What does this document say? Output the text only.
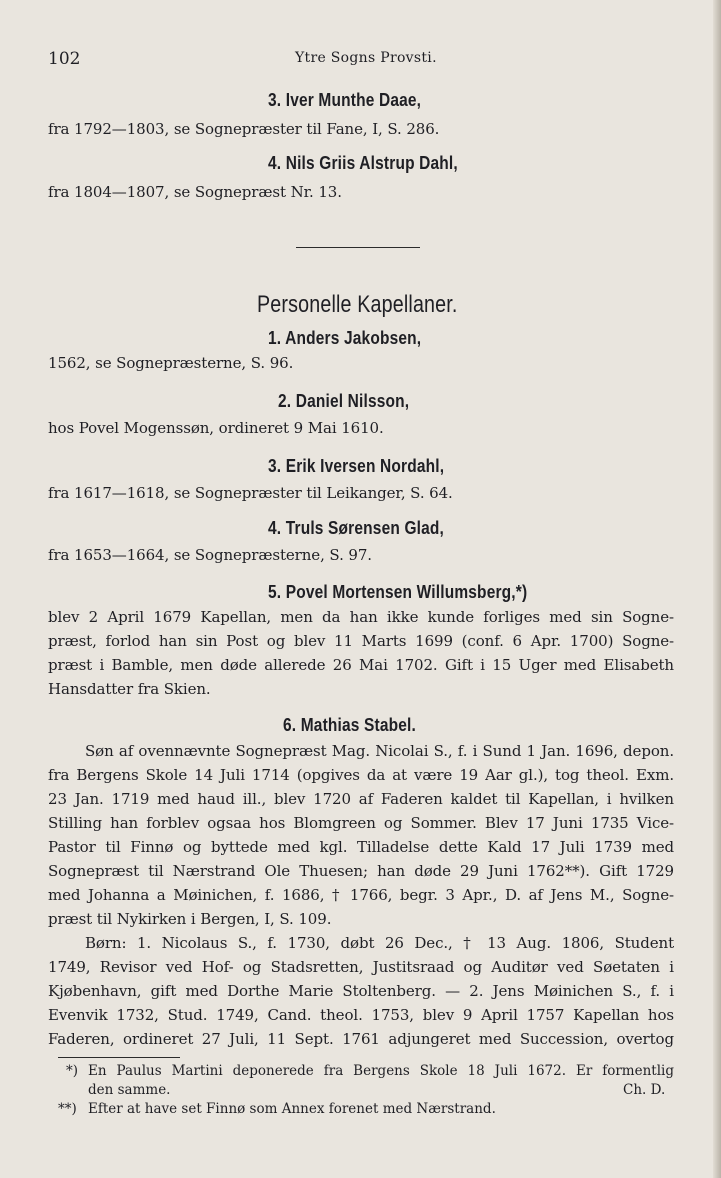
102	Ytre Sogns Provsti.
3. Iver Munthe Daae,
fra 1792—1803, se Sognepræster til Fane, I, S. 286.
4. Nils Griis Alstrup Dahl,
fra 1804—1807, se Sognepræst Nr. 13.
Personelle Kapellaner.
1. Anders Jakobsen,
1562, se Sognepræsterne, S. 96.
2. Daniel Nilsson,
hos Povel Mogenssøn, ordineret 9 Mai 1610.
3. Erik Iversen Nordahl,
fra 1617—1618, se Sognepræster til Leikanger, S. 64.
4. Truls Sørensen Glad,
fra 1653—1664, se Sognepræsterne, S. 97.
5. Povel Mortensen Willumsberg,*)
blev 2 April 1679 Kapellan, men da han ikke kunde forliges med sin Sogne-
præst, forlod han sin Post og blev 11 Marts 1699 (conf. 6 Apr. 1700) Sogne-
præst i Bamble, men døde allerede 26 Mai 1702. Gift i 15 Uger med Elisabeth
Hansdatter fra Skien.
6. Mathias Stabel.
Søn af ovennævnte Sognepræst Mag. Nicolai S., f. i Sund 1 Jan. 1696, depon.
fra Bergens Skole 14 Juli 1714 (opgives da at være 19 Aar gl.), tog theol. Exm.
23 Jan. 1719 med haud ill., blev 1720 af Faderen kaldet til Kapellan, i hvilken
Stilling han forblev ogsaa hos Blomgreen og Sommer. Blev 17 Juni 1735 Vice-
Pastor til Finnø og byttede med kgl. Tilladelse dette Kald 17 Juli 1739 med
Sognepræst til Nærstrand Ole Thuesen; han døde 29 Juni 1762**). Gift 1729
med Johanna a Møinichen, f. 1686, † 1766, begr. 3 Apr., D. af Jens M., Sogne-
præst til Nykirken i Bergen, I, S. 109.
Børn: 1. Nicolaus S., f. 1730, døbt 26 Dec., † 13 Aug. 1806, Student
1749, Revisor ved Hof- og Stadsretten, Justitsraad og Auditør ved Søetaten i
Kjøbenhavn, gift med Dorthe Marie Stoltenberg. — 2. Jens Møinichen S., f. i
Evenvik 1732, Stud. 1749, Cand. theol. 1753, blev 9 April 1757 Kapellan hos
Faderen, ordineret 27 Juli, 11 Sept. 1761 adjungeret med Succession, overtog
*) En Paulus Martini deponerede fra Bergens Skole 18 Juli 1672. Er formentlig
den samme.	Ch. D.
**) Efter at have set Finnø som Annex forenet med Nærstrand.
